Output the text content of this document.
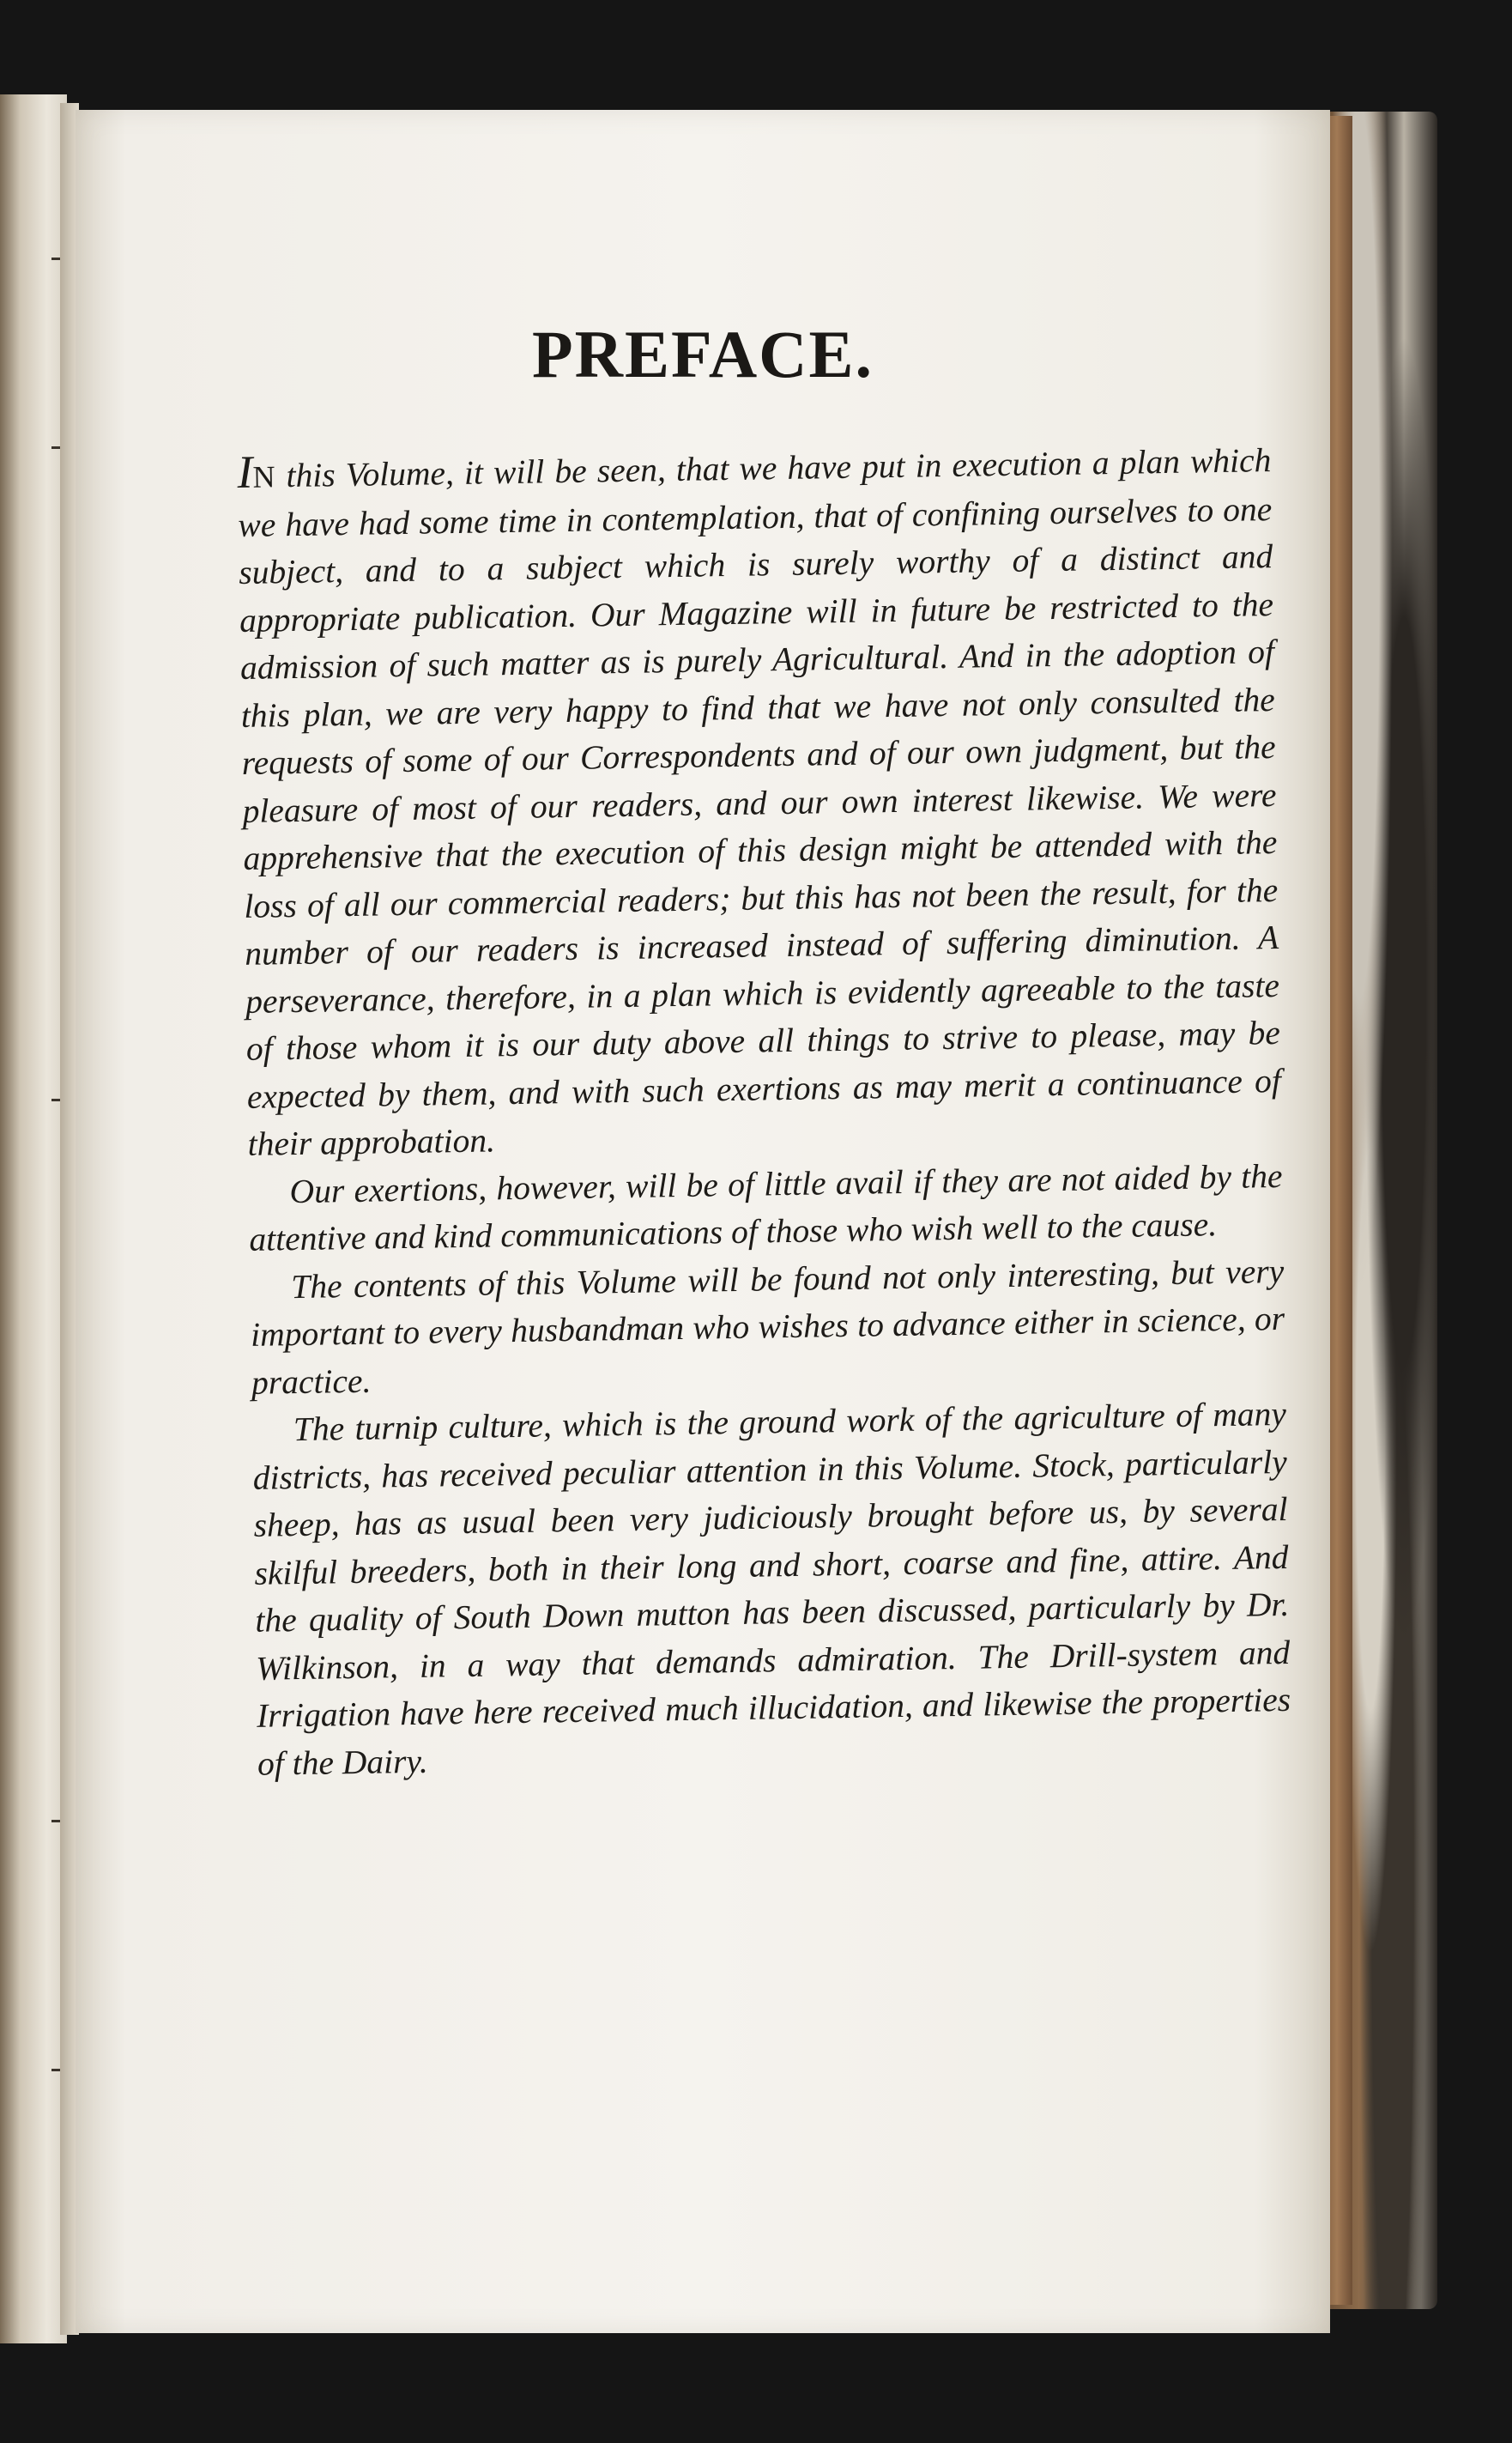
PREFACE.

IN this Volume, it will be seen, that we have put in execution a plan which we have had some time in contemplation, that of confining ourselves to one subject, and to a subject which is surely worthy of a distinct and appropriate publication. Our Magazine will in future be restricted to the admission of such matter as is purely Agricultural. And in the adoption of this plan, we are very happy to find that we have not only consulted the requests of some of our Correspondents and of our own judgment, but the pleasure of most of our readers, and our own interest likewise. We were apprehensive that the execution of this design might be attended with the loss of all our commercial readers; but this has not been the result, for the number of our readers is increased instead of suffering diminution. A perseverance, therefore, in a plan which is evidently agreeable to the taste of those whom it is our duty above all things to strive to please, may be expected by them, and with such exertions as may merit a continuance of their approbation.

Our exertions, however, will be of little avail if they are not aided by the attentive and kind communications of those who wish well to the cause.

The contents of this Volume will be found not only interesting, but very important to every husbandman who wishes to advance either in science, or practice.

The turnip culture, which is the ground work of the agriculture of many districts, has received peculiar attention in this Volume. Stock, particularly sheep, has as usual been very judiciously brought before us, by several skilful breeders, both in their long and short, coarse and fine, attire. And the quality of South Down mutton has been discussed, particularly by Dr. Wilkinson, in a way that demands admiration. The Drill-system and Irrigation have here received much illucidation, and likewise the properties of the Dairy.
